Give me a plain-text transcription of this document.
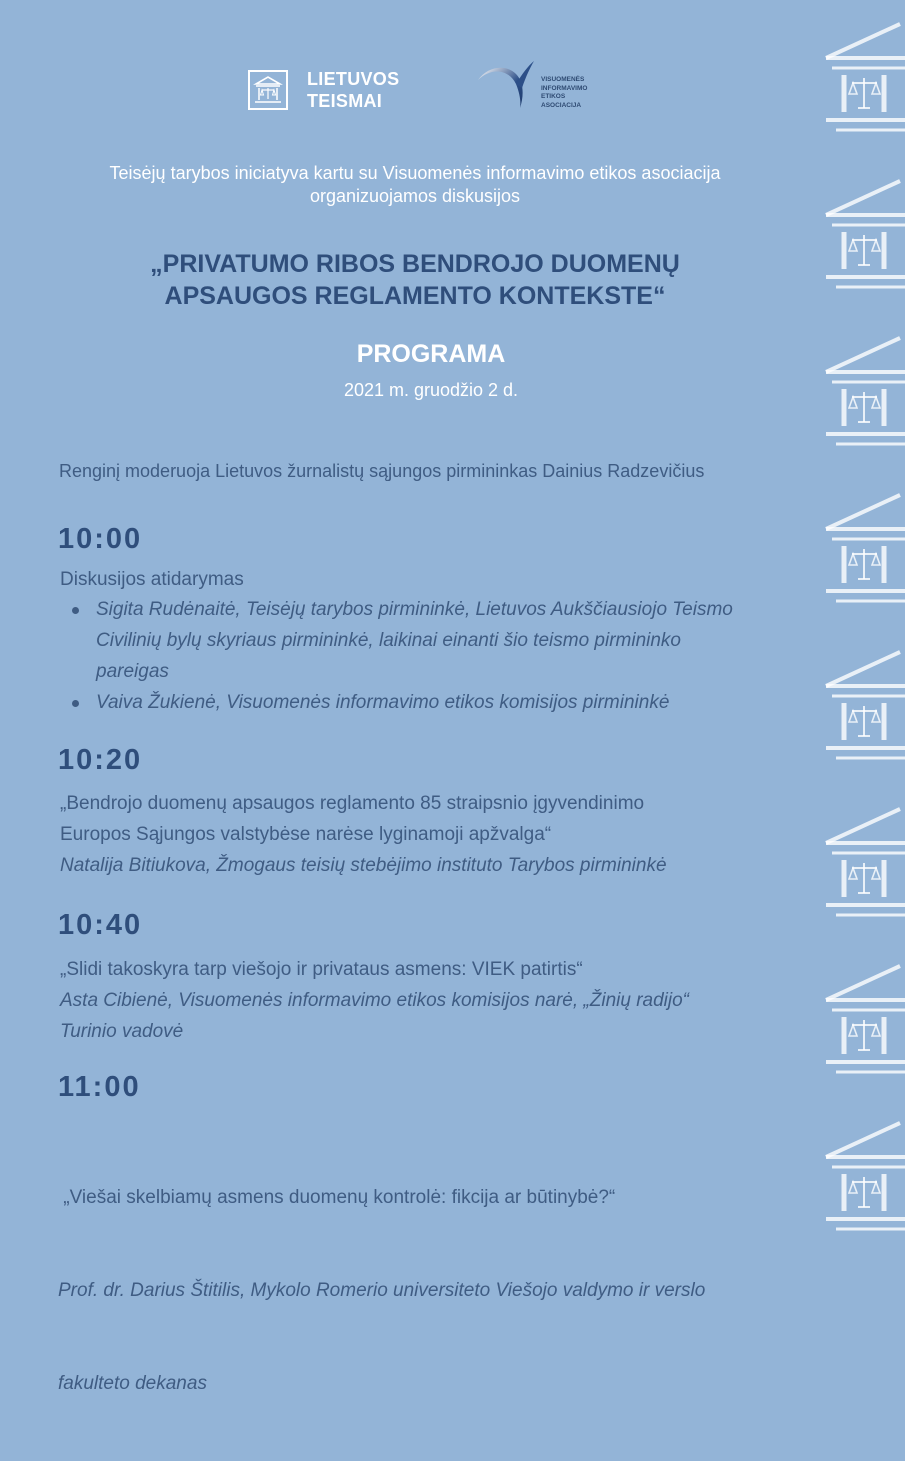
LIETUVOS
TEISMAI
VISUOMENĖS
INFORMAVIMO
ETIKOS
ASOCIACIJA
Teisėjų tarybos iniciatyva kartu su Visuomenės informavimo etikos asociacija
organizuojamos diskusijos
„PRIVATUMO RIBOS BENDROJO DUOMENŲ
APSAUGOS REGLAMENTO KONTEKSTE“
PROGRAMA
2021 m. gruodžio 2 d.
Renginį moderuoja Lietuvos žurnalistų sąjungos pirmininkas Dainius Radzevičius
10:00
Diskusijos atidarymas
Sigita Rudėnaitė, Teisėjų tarybos pirmininkė, Lietuvos Aukščiausiojo Teismo
Civilinių bylų skyriaus pirmininkė, laikinai einanti šio teismo pirmininko
pareigas
Vaiva Žukienė, Visuomenės informavimo etikos komisijos pirmininkė
10:20
„Bendrojo duomenų apsaugos reglamento 85 straipsnio įgyvendinimo
Europos Sąjungos valstybėse narėse lyginamoji apžvalga“
Natalija Bitiukova, Žmogaus teisių stebėjimo instituto Tarybos pirmininkė
10:40
„Slidi takoskyra tarp viešojo ir privataus asmens: VIEK patirtis“
Asta Cibienė, Visuomenės informavimo etikos komisijos narė, „Žinių radijo“
Turinio vadovė
11:00

„Viešai skelbiamų asmens duomenų kontrolė: fikcija ar būtinybė?“

Prof. dr. Darius Štitilis, Mykolo Romerio universiteto Viešojo valdymo ir verslo

fakulteto dekanas
